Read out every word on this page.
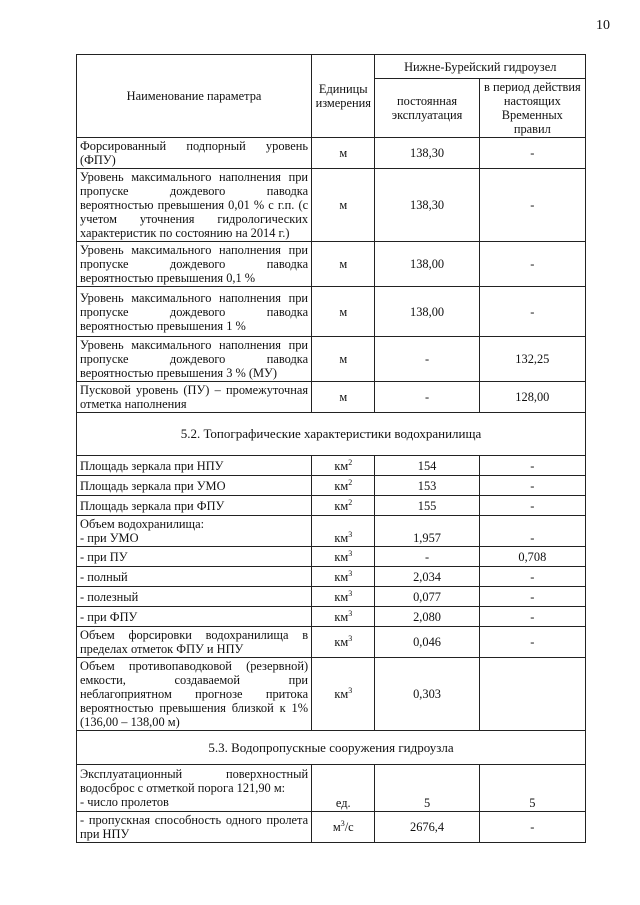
10
Наименование параметра	Единицы измерения	Нижне-Бурейский гидроузел	
		постоянная эксплуатация	в период действия настоящих Временных правил
Форсированный подпорный уровень (ФПУ)	м	138,30	-
Уровень максимального наполнения при пропуске дождевого паводка вероятностью превышения 0,01 % с г.п. (с учетом уточнения гидрологических характеристик по состоянию на 2014 г.)	м	138,30	-
Уровень максимального наполнения при пропуске дождевого паводка вероятностью превышения 0,1 %	м	138,00	-
Уровень максимального наполнения при пропуске дождевого паводка вероятностью превышения 1 %	м	138,00	-
Уровень максимального наполнения при пропуске дождевого паводка вероятностью превышения 3 % (МУ)	м	-	132,25
Пусковой уровень (ПУ) – промежуточная отметка наполнения	м	-	128,00
5.2. Топографические характеристики водохранилища			
Площадь зеркала при НПУ	$км^2$	154	-
Площадь зеркала при УМО	$км^2$	153	-
Площадь зеркала при ФПУ	$км^2$	155	-

Объем водохранилища:
- при УМО	$км^3$	1,957	-
- при ПУ	$км^3$	-	0,708
- полный	$км^3$	2,034	-
- полезный	$км^3$	0,077	-
- при ФПУ	$км^3$	2,080	-
Объем форсировки водохранилища в пределах отметок ФПУ и НПУ	$км^3$	0,046	-
Объем противопаводковой (резервной) емкости, создаваемой при неблагоприятном прогнозе притока вероятностью превышения близкой к 1% (136,00 – 138,00 м)	$км^3$	0,303	
5.3. Водопропускные сооружения гидроузла			

Эксплуатационный поверхностный водосброс с отметкой порога 121,90 м:
- число пролетов	ед.	5	5
- пропускная способность одного пролета при НПУ	$м^3/с$	2676,4	-
